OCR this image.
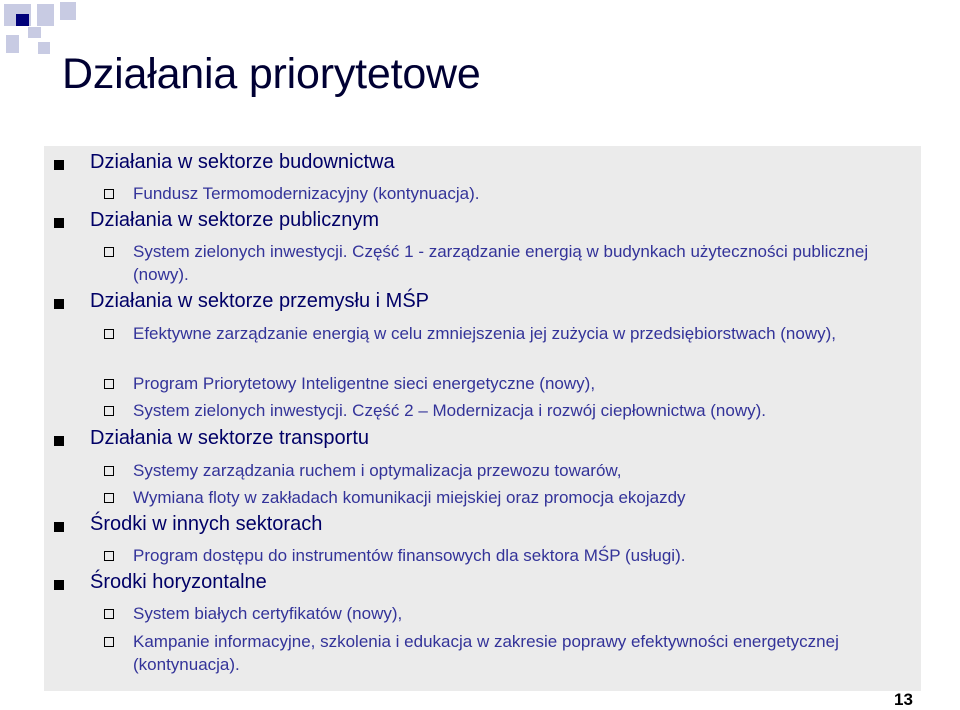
Działania priorytetowe
Działania w sektorze budownictwa
Fundusz Termomodernizacyjny (kontynuacja).
Działania w sektorze publicznym
System zielonych inwestycji. Część 1 - zarządzanie energią w budynkach użyteczności publicznej (nowy).
Działania w sektorze przemysłu i MŚP
Efektywne zarządzanie energią w celu zmniejszenia jej zużycia w przedsiębiorstwach (nowy),
Program Priorytetowy Inteligentne sieci energetyczne (nowy),
System zielonych inwestycji. Część 2 – Modernizacja i rozwój ciepłownictwa (nowy).
Działania w sektorze transportu
Systemy zarządzania ruchem i optymalizacja przewozu towarów,
Wymiana floty w zakładach komunikacji miejskiej oraz promocja ekojazdy
Środki w innych sektorach
Program dostępu do instrumentów finansowych dla sektora MŚP (usługi).
Środki horyzontalne
System białych certyfikatów (nowy),
Kampanie informacyjne, szkolenia i edukacja w zakresie poprawy efektywności energetycznej (kontynuacja).
13
